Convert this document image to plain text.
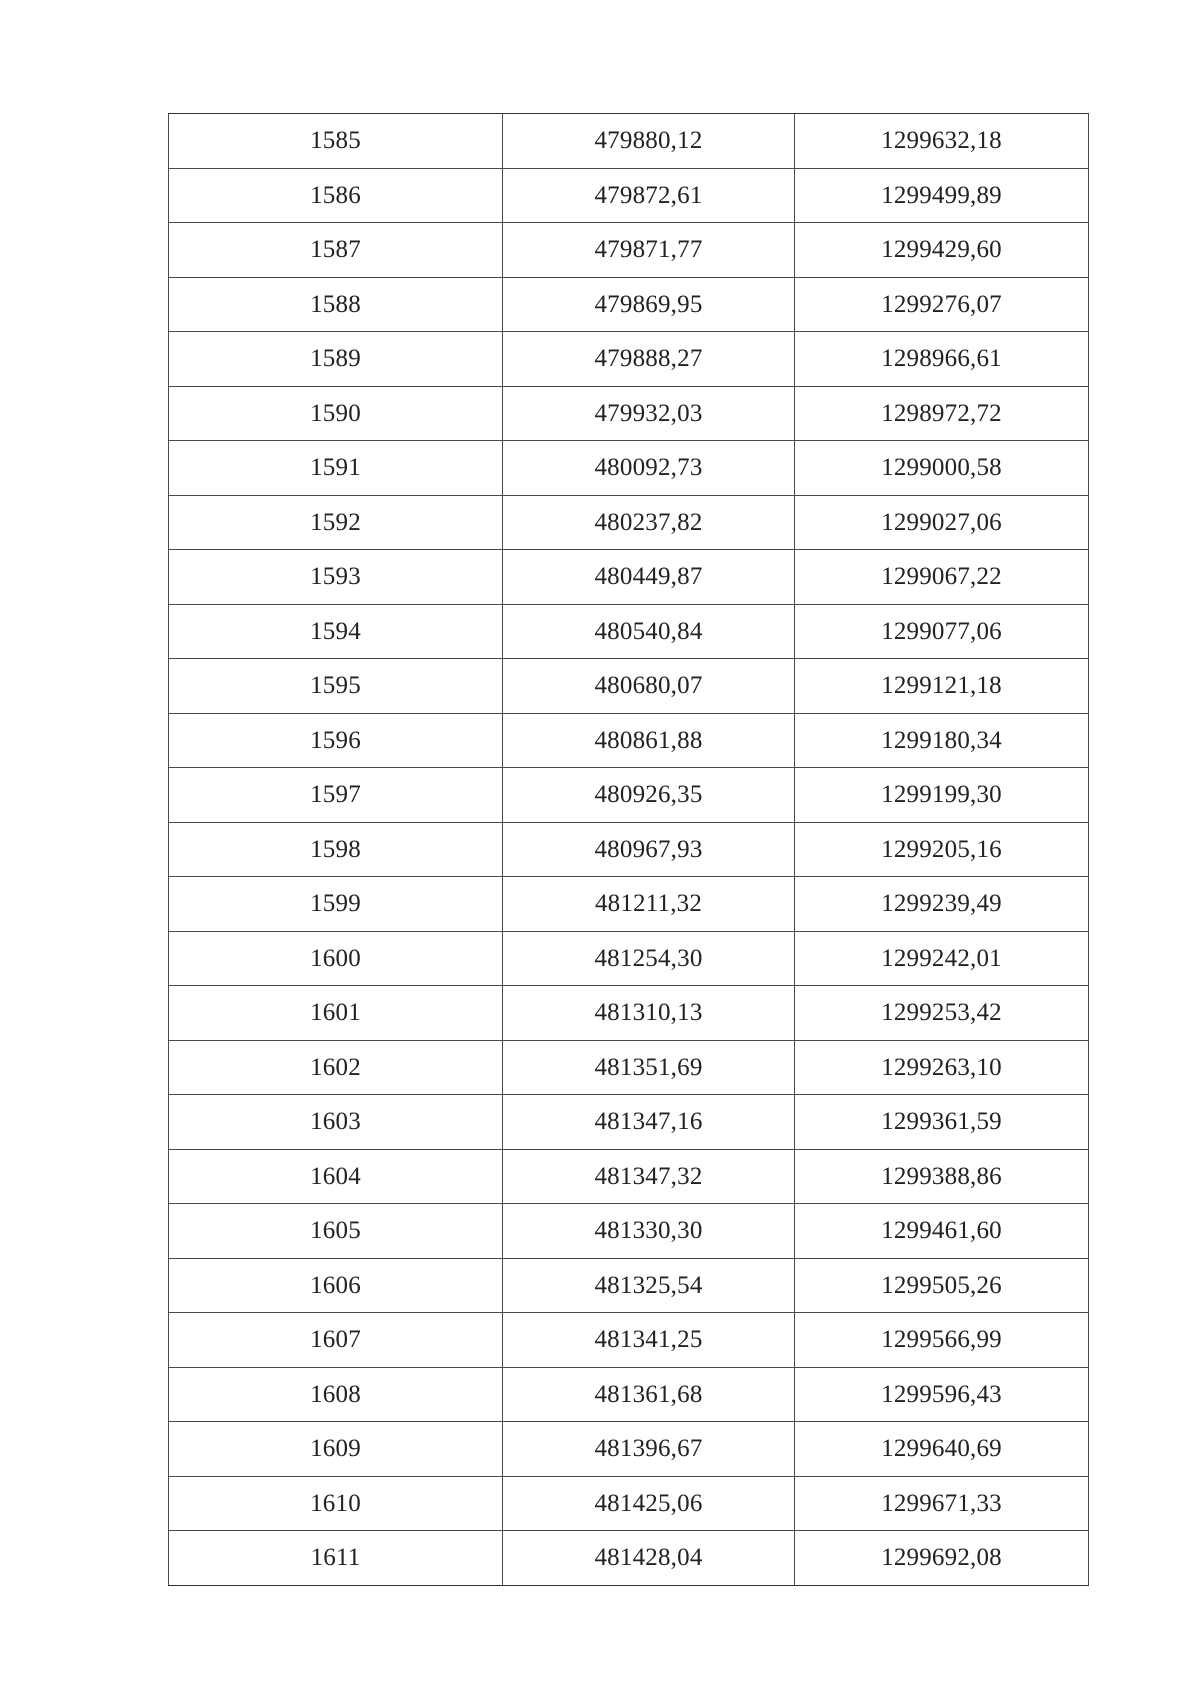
1585	479880,12	1299632,18
1586	479872,61	1299499,89
1587	479871,77	1299429,60
1588	479869,95	1299276,07
1589	479888,27	1298966,61
1590	479932,03	1298972,72
1591	480092,73	1299000,58
1592	480237,82	1299027,06
1593	480449,87	1299067,22
1594	480540,84	1299077,06
1595	480680,07	1299121,18
1596	480861,88	1299180,34
1597	480926,35	1299199,30
1598	480967,93	1299205,16
1599	481211,32	1299239,49
1600	481254,30	1299242,01
1601	481310,13	1299253,42
1602	481351,69	1299263,10
1603	481347,16	1299361,59
1604	481347,32	1299388,86
1605	481330,30	1299461,60
1606	481325,54	1299505,26
1607	481341,25	1299566,99
1608	481361,68	1299596,43
1609	481396,67	1299640,69
1610	481425,06	1299671,33
1611	481428,04	1299692,08
